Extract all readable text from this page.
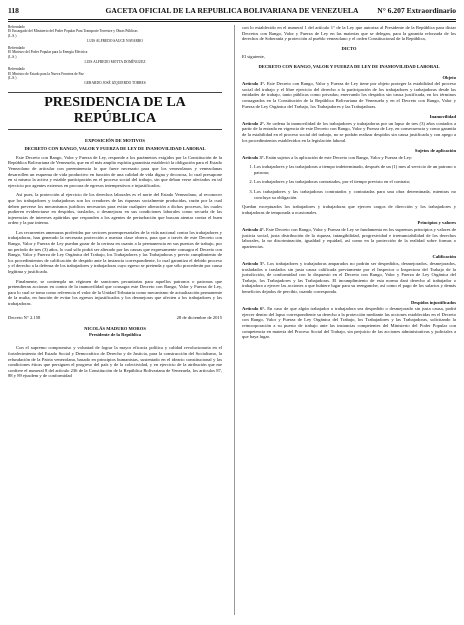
118	GACETA OFICIAL DE LA REPUBLICA BOLIVARIANA DE VENEZUELA	N° 6.207 Extraordinario

Refrendado

El Encargado del Ministerio del Poder Popular Para Transporte Terrestre y Obras Públicas

(L.S.)

LUIS ALFREDO SAUCE NAVARRO

Refrendado

El Ministro del Poder Popular para la Energía Eléctrica

(L.S.)

LUIS ALFREDO MOTTA DOMÍNGUEZ

Refrendado

El Ministro de Estado para la Nueva Frontera de Paz

(L.S.)

GERARDO JOSÉ IZQUIERDO TORRES
PRESIDENCIA DE LA REPÚBLICA
EXPOSICIÓN DE MOTIVOS
DECRETO CON RANGO, VALOR Y FUERZA DE LEY DE INAMOVILIDAD LABORAL

Este Decreto con Rango, Valor y Fuerza de Ley, responde a los parámetros exigidos por la Constitución de la República Bolivariana de Venezuela, que en el más amplio espíritu garantista estableció la obligación para el Estado Venezolano de articular con preeminencia lo que fuere necesario para que los venezolanos y venezolanas desarrollen un esquema de vida productivo en función de una calidad de vida digna y decorosa, lo cual presupone en si mismo la activa y estable participación en el proceso social del trabajo, sin que deban verse afectados en tal ejercicio por agentes externos en procura de egresos intempestivos e injustificados.

Así pues, la protección al ejercicio de los derechos laborales es el norte del Estado Venezolano, al reconocer que los trabajadores y trabajadoras son los creadores de las riquezas socialmente producidas, razón por la cual deben preverse los mecanismos jurídicos necesarios para evitar cualquier alteración a dichos procesos, los cuales pudieren evidenciarse en despidos, traslados, o desmejoras en sus condiciones laborales como secuela de las injerencias de intereses apátridas que responden a los agentes de perturbación que buscan atentar contra el buen orden y la paz interna.

Los recurrentes amenazas proferidas por sectores proempresariales de la vida nacional contra los trabajadores y trabajadoras, han generado la necesaria protección a nuestra clase obrera, para que a través de este Decreto con Rango, Valor y Fuerza de Ley puedan gozar de la certeza en cuanto a la permanencia en sus puestos de trabajo, por un período de tres (3) años, lo cual sólo podrá ser alterado por las causas que expresamente consagra el Decreto con Rango, Valor y Fuerza de Ley Orgánica del Trabajo, los Trabajadores y las Trabajadoras y previo cumplimiento de los procedimientos de calificación de despido ante la instancia correspondiente, lo cual garantiza el debido proceso y el derecho a la defensa de los trabajadores y trabajadoras cuyo egreso se pretenda y que sólo procederán por causa legítima y justificada.

Finalmente, se contempla un régimen de sanciones pecuniarias para aquellos patronos o patronas que pretendieran accionar en contra de la inamovilidad que consagra este Decreto con Rango, Valor y Fuerza de Ley, para lo cual se toma como referencia el valor de la Unidad Tributaria como mecanismo de actualización permanente de la multa, en función de evitar los egresos injustificados y los desmejoras que afecten a los trabajadores y las trabajadoras.

Decreto N° 2.158	28 de diciembre de 2015
NICOLÁS MADURO MOROS
Presidente de la República

Con el supremo compromiso y voluntad de lograr la mayor eficacia política y calidad revolucionaria en el fortalecimiento del Estado Social y Democrático de Derecho y de Justicia, para la construcción del Socialismo, la refundación de la Patria venezolana, basado en principios humanistas, sustentado en el ideario constitucional y las condiciones éticas que persiguen el progreso del país y de la colectividad, y en ejercicio de la atribución que me confiere el numeral 8 del artículo 236 de la Constitución de la República Bolivariana de Venezuela, los artículos 87, 88 y 89 ejusdem y de conformidad

con lo establecido en el numeral 1 del artículo 1° de la Ley que autoriza al Presidente de la República para dictar Decretos con Rango, Valor y Fuerza de Ley en las materias que se delegan, para la garantía reforzada de los derechos de Soberanía y protección al pueblo venezolano y el orden Constitucional de la República,

DICTO

El siguiente,

DECRETO CON RANGO, VALOR Y FUERZA DE LEY DE INAMOVILIDAD LABORAL
Objeto

Artículo 1°. Este Decreto con Rango, Valor y Fuerza de Ley tiene por objeto proteger la estabilidad del proceso social del trabajo y el libre ejercicio del derecho a la participación de los trabajadores y trabajadoras desde las entidades de trabajo, tanto públicas como privadas; enervando los despidos sin causa justificada, en los términos consagrados en la Constitución de la República Bolivariana de Venezuela y en el Decreto con Rango, Valor y Fuerza de Ley Orgánica del Trabajo, los Trabajadores y las Trabajadoras.

Inamovilidad

Artículo 2°. Se ordena la inamovilidad de los trabajadores y trabajadoras por un lapso de tres (3) años contados a partir de la entrada en vigencia de este Decreto con Rango, Valor y Fuerza de Ley, en consecuencia y como garantía de la estabilidad en el proceso social del trabajo, no se podrán realizar despidos sin causa justificada y con apego a los procedimientos establecidos en la legislación laboral.

Sujetos de aplicación

Artículo 3°. Están sujetos a la aplicación de este Decreto con Rango, Valor y Fuerza de Ley:

1. Los trabajadores y las trabajadoras a tiempo indeterminado, después de un (1) mes al servicio de un patrono o patrona;
2. Los trabajadores y las trabajadoras contratados, por el tiempo previsto en el contrato;
3. Los trabajadores y las trabajadoras contratados y contratadas para una obra determinada, mientras no concluya su obligación.

Quedan exceptuados los trabajadores y trabajadoras que ejercen cargos de dirección y los trabajadores y trabajadoras de temporada u ocasionales.

Principios y valores

Artículo 4°. Este Decreto con Rango, Valor y Fuerza de Ley se fundamenta en los supremos principios y valores de justicia social, justa distribución de la riqueza, intangibilidad, progresividad e irrenunciabilidad de los derechos laborales, la no discriminación, igualdad y equidad, así como en la protección de la realidad sobre formas o apariencias.

Calificación

Artículo 5°. Los trabajadores y trabajadoras amparados no podrán ser despedidos, desmejorados, desmejorados, trasladados o traslados sin justa causa calificada previamente por el Inspector o Inspectora del Trabajo de la jurisdicción, de conformidad con lo dispuesto en el Decreto con Rango, Valor y Fuerza de Ley Orgánica del Trabajo, los Trabajadores y las Trabajadoras. El incumplimiento de esta norma dará derecho al trabajador o trabajadora a ejercer las acciones a que hubiere lugar para su reenganche, así como el pago de los salarios y demás beneficios dejados de percibir, cuando corresponda.

Despidos injustificados

Artículo 6°. En caso de que algún trabajador o trabajadora sea despedido o desmejorado sin justa causa, podrá ejercer dentro del lapso correspondiente su derecho a la protección mediante las acciones establecidas en el Decreto con Rango, Valor y Fuerza de Ley Orgánica del Trabajo, los Trabajadores y las Trabajadoras, solicitando la reincorporación a su puesto de trabajo ante las instancias competentes del Ministerio del Poder Popular con competencia en materia del Proceso Social del Trabajo, sin perjuicio de las acciones administrativas y judiciales a que haya lugar.
